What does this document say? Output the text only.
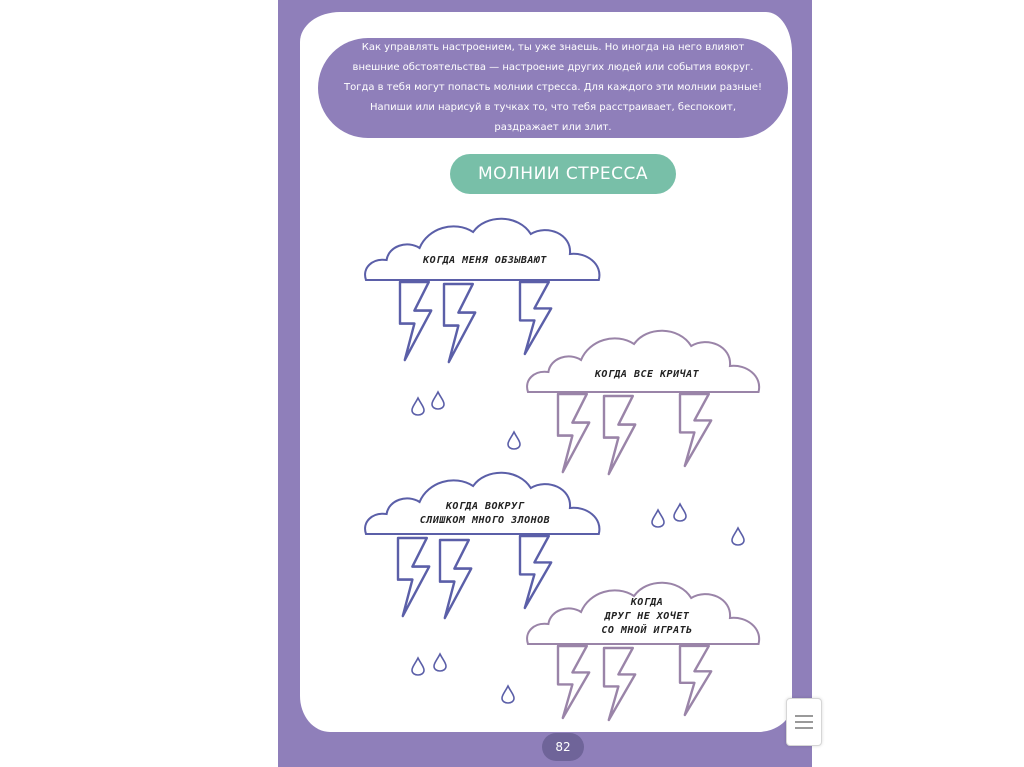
Как управлять настроением, ты уже знаешь. Но иногда на него влияют внешние обстоятельства — настроение других людей или события вокруг. Тогда в тебя могут попасть молнии стресса. Для каждого эти молнии разные! Напиши или нарисуй в тучках то, что тебя расстраивает, беспокоит, раздражает или злит.
МОЛНИИ СТРЕССА
КОГДА МЕНЯ ОБЗЫВАЮТ
КОГДА ВСЕ КРИЧАТ
КОГДА ВОКРУГ
СЛИШКОМ МНОГО ЗЛОНОВ
КОГДА
ДРУГ НЕ ХОЧЕТ
СО МНОЙ ИГРАТЬ
82
